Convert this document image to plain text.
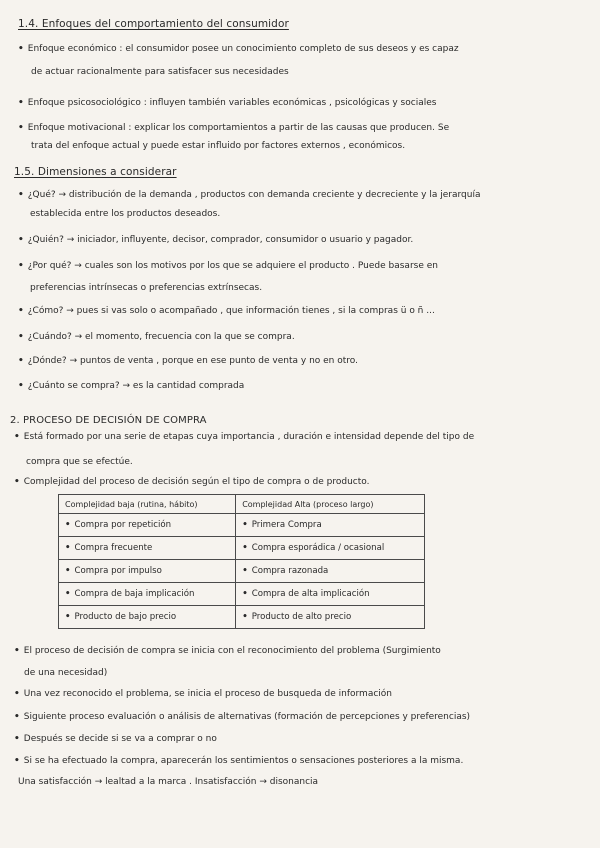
1.4. Enfoques del comportamiento del consumidor
• Enfoque económico : el consumidor posee un conocimiento completo de sus deseos y es capaz
de actuar racionalmente para satisfacer sus necesidades
• Enfoque psicosociológico : influyen también variables económicas , psicológicas y sociales
• Enfoque motivacional : explicar los comportamientos a partir de las causas que producen. Se
trata del enfoque actual y puede estar influido por factores externos , económicos.
1.5. Dimensiones a considerar
• ¿Qué? → distribución de la demanda , productos con demanda creciente y decreciente y la jerarquía
establecida entre los productos deseados.
• ¿Quién? → iniciador, influyente, decisor, comprador, consumidor o usuario y pagador.
• ¿Por qué? → cuales son los motivos por los que se adquiere el producto . Puede basarse en
preferencias intrínsecas o preferencias extrínsecas.
• ¿Cómo? → pues si vas solo o acompañado , que información tienes , si la compras ü o ñ ...
• ¿Cuándo? → el momento, frecuencia con la que se compra.
• ¿Dónde? → puntos de venta , porque en ese punto de venta y no en otro.
• ¿Cuánto se compra? → es la cantidad comprada
2. PROCESO DE DECISIÓN DE COMPRA
• Está formado por una serie de etapas cuya importancia , duración e intensidad depende del tipo de
compra que se efectúe.
• Complejidad del proceso de decisión según el tipo de compra o de producto.
Complejidad baja (rutina, hábito)	Complejidad Alta (proceso largo)
• Compra por repetición	• Primera Compra
• Compra frecuente	• Compra esporádica / ocasional
• Compra por impulso	• Compra razonada
• Compra de baja implicación	• Compra de alta implicación
• Producto de bajo precio	• Producto de alto precio
• El proceso de decisión de compra se inicia con el reconocimiento del problema (Surgimiento
de una necesidad)
• Una vez reconocido el problema, se inicia el proceso de busqueda de información
• Siguiente proceso evaluación o análisis de alternativas (formación de percepciones y preferencias)
• Después se decide si se va a comprar o no
• Si se ha efectuado la compra, aparecerán los sentimientos o sensaciones posteriores a la misma.
Una satisfacción → lealtad a la marca . Insatisfacción → disonancia
